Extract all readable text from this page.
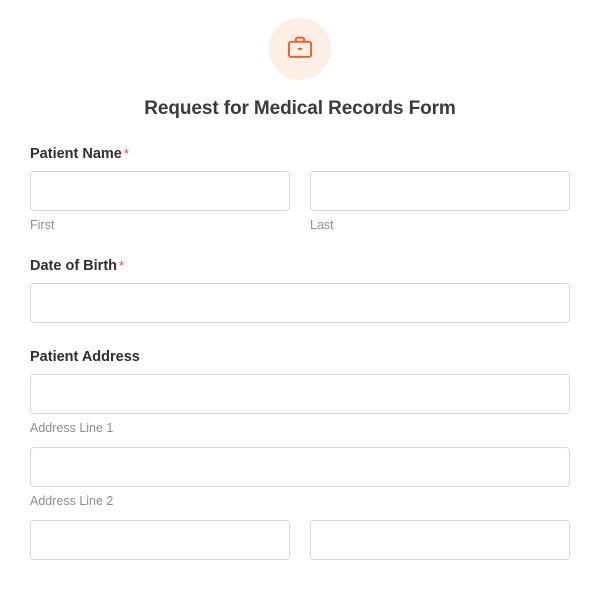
Request for Medical Records Form
Patient Name *
First	Last
Date of Birth *
Patient Address
Address Line 1
Address Line 2
